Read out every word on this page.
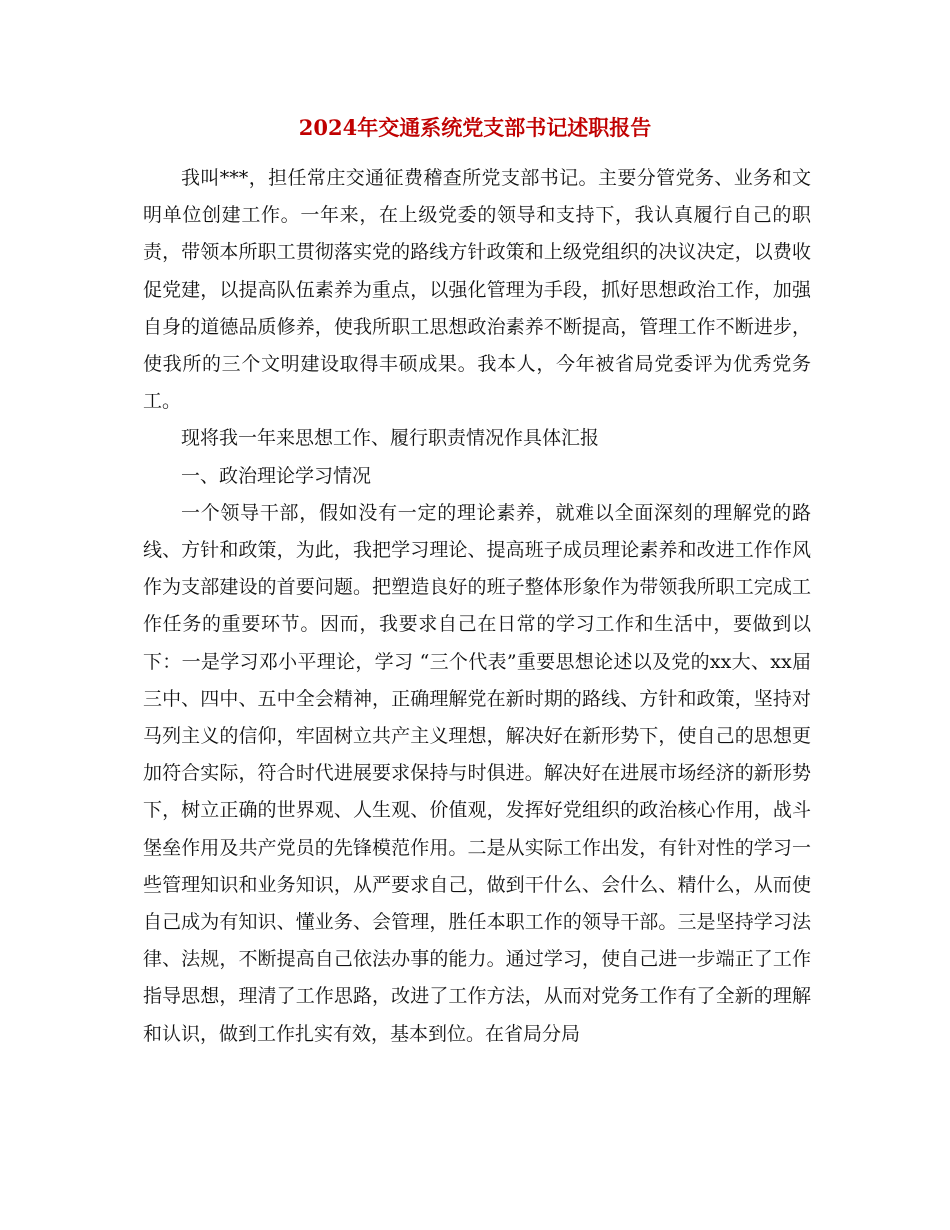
2024年交通系统党支部书记述职报告

我叫***，担任常庄交通征费稽查所党支部书记。主要分管党务、业务和文明单位创建工作。一年来，在上级党委的领导和支持下，我认真履行自己的职责，带领本所职工贯彻落实党的路线方针政策和上级党组织的决议决定，以费收促党建，以提高队伍素养为重点，以强化管理为手段，抓好思想政治工作，加强自身的道德品质修养，使我所职工思想政治素养不断提高，管理工作不断进步，使我所的三个文明建设取得丰硕成果。我本人，今年被省局党委评为优秀党务工。

现将我一年来思想工作、履行职责情况作具体汇报

一、政治理论学习情况

一个领导干部，假如没有一定的理论素养，就难以全面深刻的理解党的路线、方针和政策，为此，我把学习理论、提高班子成员理论素养和改进工作作风作为支部建设的首要问题。把塑造良好的班子整体形象作为带领我所职工完成工作任务的重要环节。因而，我要求自己在日常的学习工作和生活中，要做到以下：一是学习邓小平理论，学习 “三个代表”重要思想论述以及党的xx大、xx届三中、四中、五中全会精神，正确理解党在新时期的路线、方针和政策，坚持对马列主义的信仰，牢固树立共产主义理想，解决好在新形势下，使自己的思想更加符合实际，符合时代进展要求保持与时俱进。解决好在进展市场经济的新形势下，树立正确的世界观、人生观、价值观，发挥好党组织的政治核心作用，战斗堡垒作用及共产党员的先锋模范作用。二是从实际工作出发，有针对性的学习一些管理知识和业务知识，从严要求自己，做到干什么、会什么、精什么，从而使自己成为有知识、懂业务、会管理，胜任本职工作的领导干部。三是坚持学习法律、法规，不断提高自己依法办事的能力。通过学习，使自己进一步端正了工作指导思想，理清了工作思路，改进了工作方法，从而对党务工作有了全新的理解和认识，做到工作扎实有效，基本到位。在省局分局
